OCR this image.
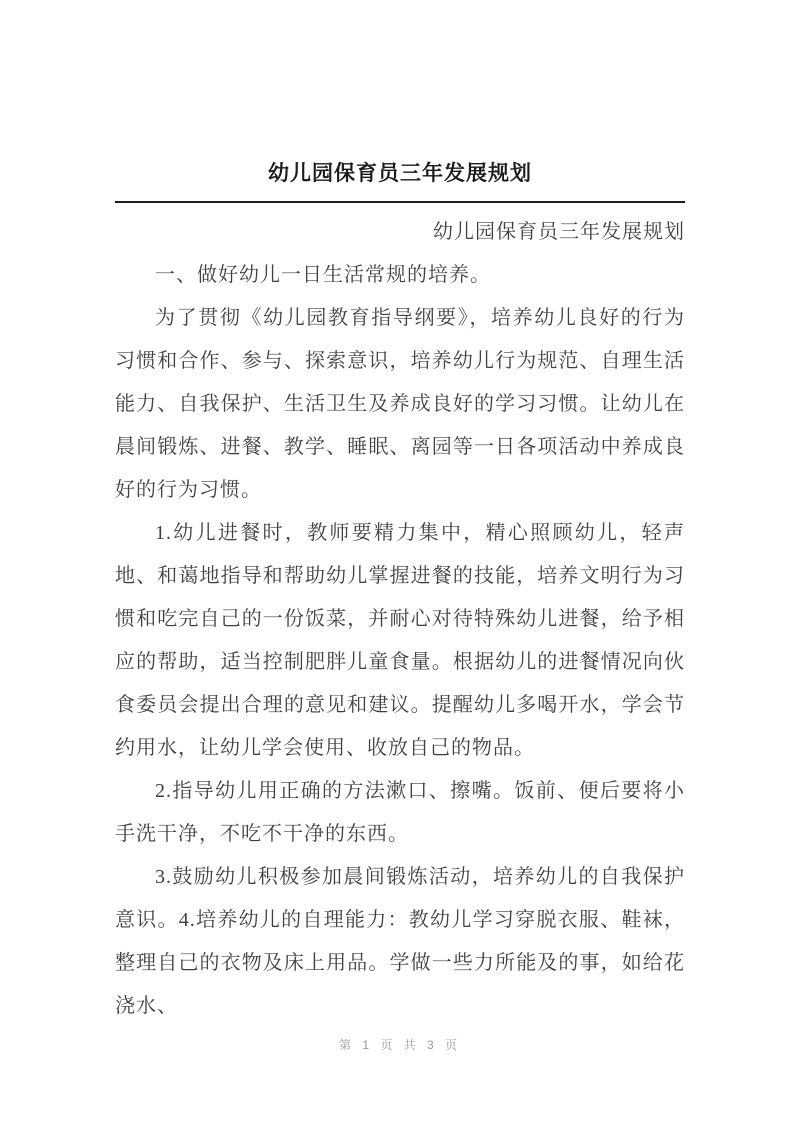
幼儿园保育员三年发展规划

幼儿园保育员三年发展规划

一、做好幼儿一日生活常规的培养。

为了贯彻《幼儿园教育指导纲要》，培养幼儿良好的行为习惯和合作、参与、探索意识，培养幼儿行为规范、自理生活能力、自我保护、生活卫生及养成良好的学习习惯。让幼儿在晨间锻炼、进餐、教学、睡眠、离园等一日各项活动中养成良好的行为习惯。

1.幼儿进餐时，教师要精力集中，精心照顾幼儿，轻声地、和蔼地指导和帮助幼儿掌握进餐的技能，培养文明行为习惯和吃完自己的一份饭菜，并耐心对待特殊幼儿进餐，给予相应的帮助，适当控制肥胖儿童食量。根据幼儿的进餐情况向伙食委员会提出合理的意见和建议。提醒幼儿多喝开水，学会节约用水，让幼儿学会使用、收放自己的物品。

2.指导幼儿用正确的方法漱口、擦嘴。饭前、便后要将小手洗干净，不吃不干净的东西。

3.鼓励幼儿积极参加晨间锻炼活动，培养幼儿的自我保护意识。4.培养幼儿的自理能力：教幼儿学习穿脱衣服、鞋袜，整理自己的衣物及床上用品。学做一些力所能及的事，如给花浇水、

第 1 页 共 3 页
